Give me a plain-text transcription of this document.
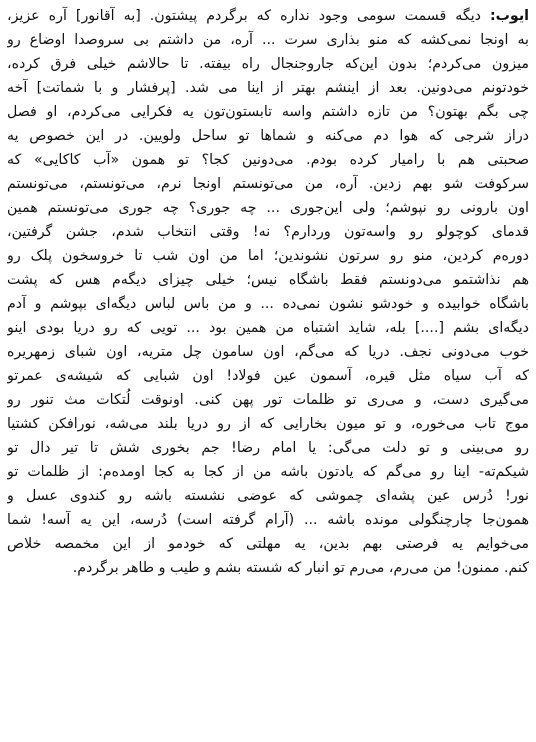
ایوب: دیگه قسمت سومی وجود نداره که برگردم پیشتون. [به آقانور] آره عزیز،
به اونجا نمی‌کشه که منو بذاری سرت ... آره، من داشتم بی سروصدا اوضاع رو
میزون می‌کردم؛ بدون این‌که جاروجنجال راه بیفته. تا حالاشم خیلی فرق کرده،
خودتونم می‌دونین. بعد از اینشم بهتر از اینا می شد. [پرفشار و با شماتت] آخه
چی بگم بهتون؟ من تازه داشتم واسه تابستون‌تون یه فکرایی می‌کردم، او فصل
دراز شرجی که هوا دم می‌کنه و شماها تو ساحل ولویین. در این خصوص یه
صحبتی هم با رامیار کرده بودم. می‌دونین کجا؟ تو همون «آب کاکایی» که
سرکوفت شو بهم زدین. آره، من می‌تونستم اونجا نرم، می‌تونستم، می‌تونستم
اون بارونی رو نپوشم؛ ولی این‌جوری ... چه جوری؟ چه جوری می‌تونستم همین
قدمای کوچولو رو واسه‌تون وردارم؟ نه! وقتی انتخاب شدم، جشن گرفتین،
دوره‌م کردین، منو رو سرتون نشوندین؛ اما من اون شب تا خروسخون پلک رو
هم نذاشتمو می‌دونستم فقط باشگاه نیس؛ خیلی چیزای دیگه‌م هس که پشت
باشگاه خوابیده و خودشو نشون نمی‌ده ... و من باس لباس دیگه‌ای بپوشم و آدم
دیگه‌ای بشم [....] بله، شاید اشتباه من همین بود ... تویی که رو دریا بودی اینو
خوب می‌دونی نجف. دریا که می‌گم، اون سامون چل متریه، اون شبای زمهریره
که آب سیاه مثل قیره، آسمون عین فولاد! اون شبایی که شیشه‌ی عمرتو
می‌گیری دست، و می‌ری تو ظلمات تور پهن کنی. اونوقت لُتکات مث تنور رو
موج تاب می‌خوره، و تو میون بخارایی که از رو دریا بلند می‌شه، نورافکن کشتیا
رو می‌بینی و تو دلت می‌گی: یا امام رضا! جم بخوری شش تا تیر دال تو
شیکم‌ته- اینا رو می‌گم که یادتون باشه من از کجا به کجا اومده‌م: از ظلمات تو
نور! دُرس عین پشه‌ای چموشی که عوضی نشسته باشه رو کندوی عسل و
همون‌جا چارچنگولی مونده باشه ... (آرام گرفته است) دُرسه، این یه آسه! شما
می‌خوایم یه فرصتی بهم بدین، یه مهلتی که خودمو از این مخمصه خلاص
کنم. ممنون! من می‌رم، می‌رم تو انبار که شسته بشم و طیب و طاهر برگردم.
